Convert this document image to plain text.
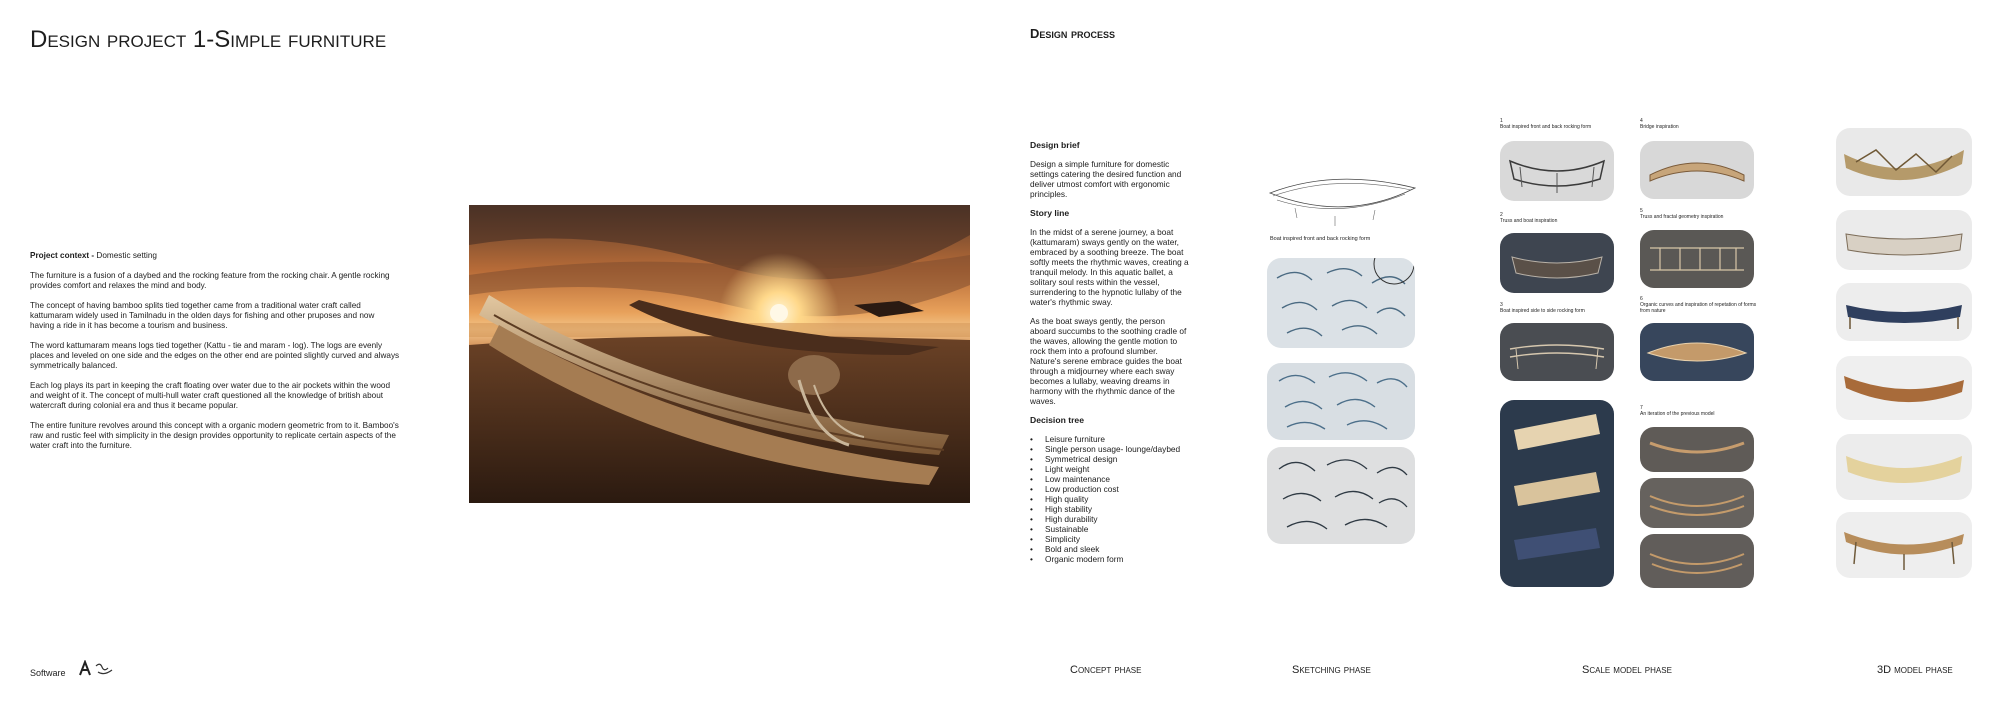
Design project 1-Simple furniture

Project context - Domestic setting

The furniture is a fusion of a daybed and the rocking feature from the rocking chair. A gentle rocking provides comfort and relaxes the mind and body.

The concept of having bamboo splits tied together came from a traditional water craft called kattumaram widely used in Tamilnadu in the olden days for fishing and other pruposes and now having a ride in it has become a tourism and business.

The word kattumaram means logs tied together (Kattu - tie and maram - log). The logs are evenly places and leveled on one side and the edges on the other end are pointed slightly curved and always symmetrically balanced.

Each log plays its part in keeping the craft floating over water due to the air pockets within the wood and weight of it. The concept of multi-hull water craft questioned all the knowledge of british about watercraft during colonial era and thus it became popular.

The entire funiture revolves around this concept with a organic modern geometric from to it. Bamboo's raw and rustic feel with simplicity in the design provides opportunity to replicate certain aspects of the water craft into the furniture.

Software
Design process
Design brief

Design a simple furniture for domestic settings catering the desired function and deliver utmost comfort with ergonomic principles.

Story line

In the midst of a serene journey, a boat (kattumaram) sways gently on the water, embraced by a soothing breeze. The boat softly meets the rhythmic waves, creating a tranquil melody. In this aquatic ballet, a solitary soul rests within the vessel, surrendering to the hypnotic lullaby of the water's rhythmic sway.

As the boat sways gently, the person aboard succumbs to the soothing cradle of the waves, allowing the gentle motion to rock them into a profound slumber. Nature's serene embrace guides the boat through a midjourney where each sway becomes a lullaby, weaving dreams in harmony with the rhythmic dance of the waves.

Decision tree
• Leisure furniture
• Single person usage- lounge/daybed
• Symmetrical design
• Light weight
• Low maintenance
• Low production cost
• High quality
• High stability
• High durability
• Sustainable
• Simplicity
• Bold and sleek
• Organic modern form
Boat inspired front and back rocking form
1
Boat inspired front and back rocking form
2
Truss and boat inspiration
3
Boat inspired side to side rocking form
4
Bridge inspiration
5
Truss and fractal geometry inspiration
6
Organic curves and inspiration of repetation of forms from nature
7
An iteration of the previous model
Concept phase	Sketching phase	Scale model phase	3D model phase
